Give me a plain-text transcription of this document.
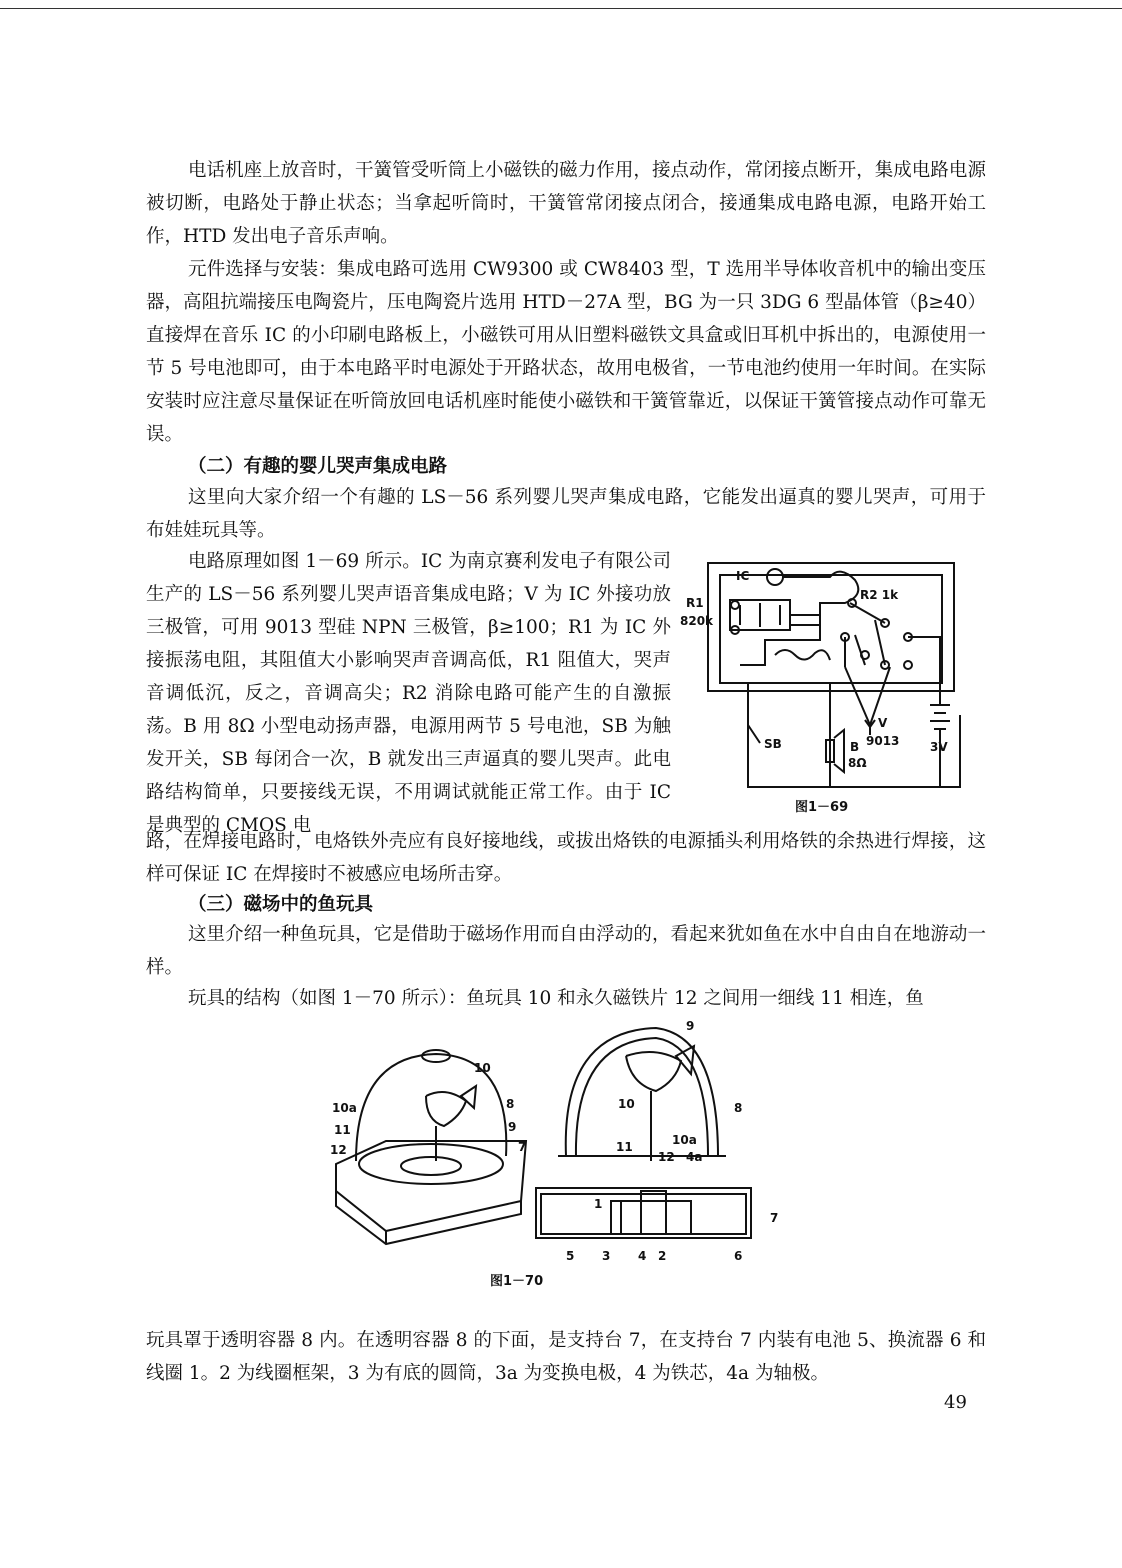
电话机座上放音时，干簧管受听筒上小磁铁的磁力作用，接点动作，常闭接点断开，集成电路电源被切断，电路处于静止状态；当拿起听筒时，干簧管常闭接点闭合，接通集成电路电源，电路开始工作，HTD 发出电子音乐声响。

元件选择与安装：集成电路可选用 CW9300 或 CW8403 型，T 选用半导体收音机中的输出变压器，高阻抗端接压电陶瓷片，压电陶瓷片选用 HTD－27A 型，BG 为一只 3DG 6 型晶体管（β≥40）直接焊在音乐 IC 的小印刷电路板上，小磁铁可用从旧塑料磁铁文具盒或旧耳机中拆出的，电源使用一节 5 号电池即可，由于本电路平时电源处于开路状态，故用电极省，一节电池约使用一年时间。在实际安装时应注意尽量保证在听筒放回电话机座时能使小磁铁和干簧管靠近，以保证干簧管接点动作可靠无误。

（二）有趣的婴儿哭声集成电路

这里向大家介绍一个有趣的 LS－56 系列婴儿哭声集成电路，它能发出逼真的婴儿哭声，可用于布娃娃玩具等。

电路原理如图 1－69 所示。IC 为南京赛利发电子有限公司生产的 LS－56 系列婴儿哭声语音集成电路；V 为 IC 外接功放三极管，可用 9013 型硅 NPN 三极管，β≥100；R1 为 IC 外接振荡电阻，其阻值大小影响哭声音调高低，R1 阻值大，哭声音调低沉，反之，音调高尖；R2 消除电路可能产生的自激振荡。B 用 8Ω 小型电动扬声器，电源用两节 5 号电池，SB 为触发开关，SB 每闭合一次，B 就发出三声逼真的婴儿哭声。此电路结构简单，只要接线无误，不用调试就能正常工作。由于 IC 是典型的 CMOS 电

路，在焊接电路时，电烙铁外壳应有良好接地线，或拔出烙铁的电源插头利用烙铁的余热进行焊接，这样可保证 IC 在焊接时不被感应电场所击穿。

（三）磁场中的鱼玩具

这里介绍一种鱼玩具，它是借助于磁场作用而自由浮动的，看起来犹如鱼在水中自由自在地游动一样。

玩具的结构（如图 1－70 所示）：鱼玩具 10 和永久磁铁片 12 之间用一细线 11 相连，鱼

IC
R1
820k
R2 1k
V
9013
SB	B
8Ω
3V
图1－69
10
10a	8
11	9
12	7
9
10	8
11	10a
12 4a
1
7
5 3 4 2	6
图1－70

玩具罩于透明容器 8 内。在透明容器 8 的下面，是支持台 7，在支持台 7 内装有电池 5、换流器 6 和线圈 1。2 为线圈框架，3 为有底的圆筒，3a 为变换电极，4 为铁芯，4a 为轴极。

49
